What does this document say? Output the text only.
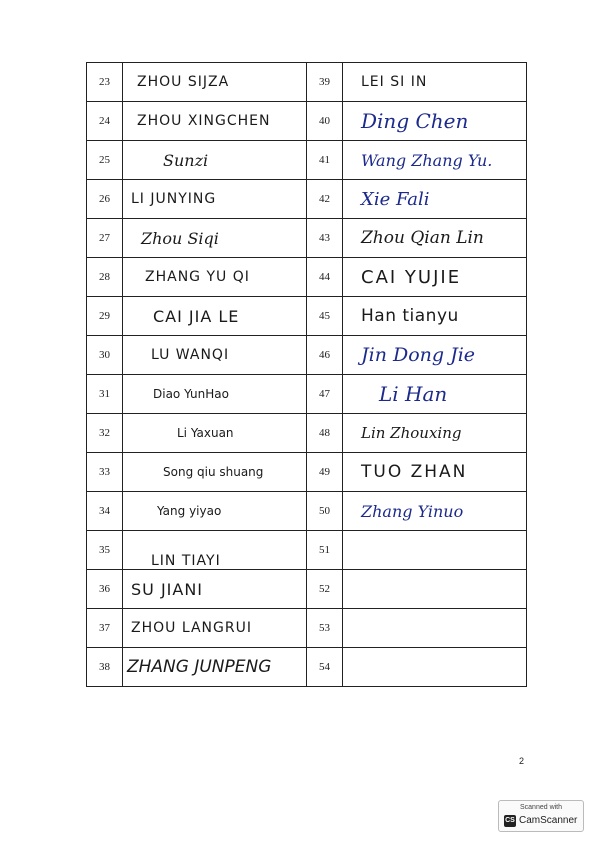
23	ZHOU SIJZA	39	LEI SI IN

24	ZHOU XINGCHEN	40	Ding Chen

25	Sunzi	41	Wang Zhang Yu.

26	LI JUNYING	42	Xie Fali

27	Zhou Siqi	43	Zhou Qian Lin

28	ZHANG YU QI	44	CAI YUJIE

29	CAI JIA LE	45	Han tianyu

30	LU WANQI	46	Jin Dong Jie

31	Diao YunHao	47	Li Han

32	Li Yaxuan	48	Lin Zhouxing

33	Song qiu shuang	49	TUO ZHAN

34	Yang yiyao	50	Zhang Yinuo

35	LIN TIAYI	51	

36	SU JIANI	52	

37	ZHOU LANGRUI	53	

38	ZHANG JUNPENG	54	
2
Scanned with
CS CamScanner
